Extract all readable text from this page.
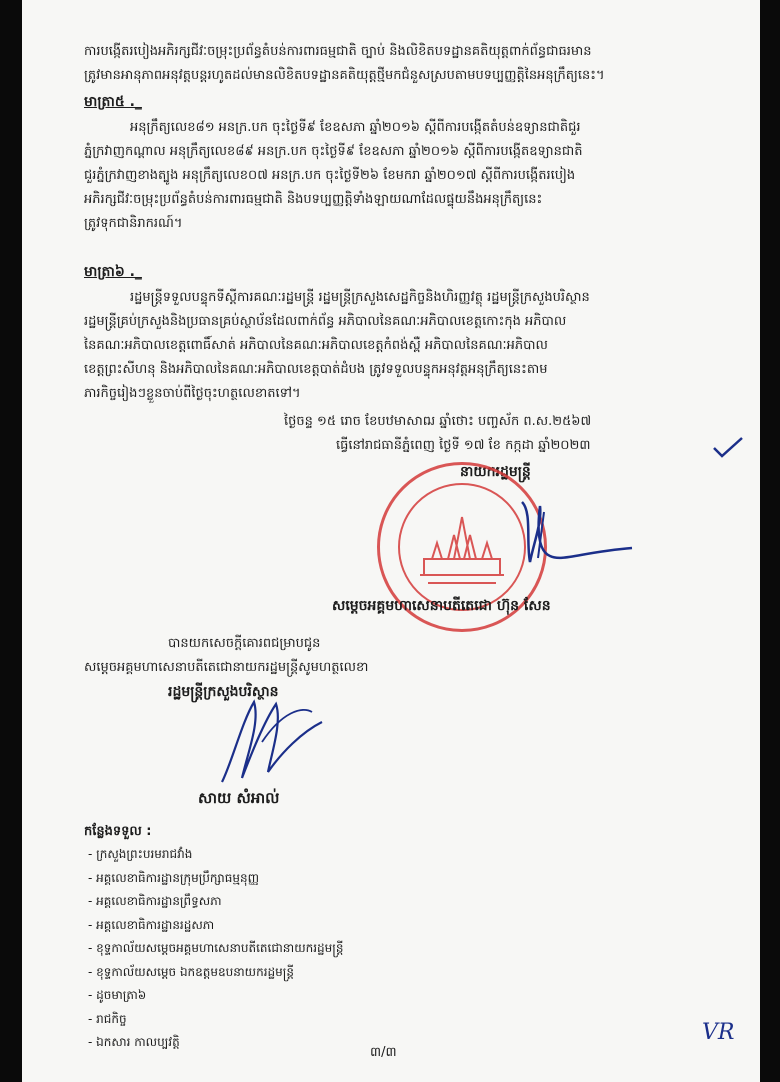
ការបង្កើតរបៀងអភិរក្សជីវៈចម្រុះប្រព័ន្ធតំបន់ការពារធម្មជាតិ ច្បាប់ និងលិខិតបទដ្ឋានគតិយុត្តពាក់ព័ន្ធជាធរមាន
ត្រូវមានអានុភាពអនុវត្តបន្តរហូតដល់មានលិខិតបទដ្ឋានគតិយុត្តថ្មីមកជំនួសស្របតាមបទប្បញ្ញត្តិនៃអនុក្រឹត្យនេះ។
មាត្រា៥ ._
អនុក្រឹត្យលេខ៨១ អនក្រ.បក ចុះថ្ងៃទី៩ ខែឧសភា ឆ្នាំ២០១៦ ស្តីពីការបង្កើតតំបន់ឧទ្យានជាតិជួរ
ភ្នំក្រវាញកណ្ដាល អនុក្រឹត្យលេខ៨៩ អនក្រ.បក ចុះថ្ងៃទី៩ ខែឧសភា ឆ្នាំ២០១៦ ស្តីពីការបង្កើតឧទ្យានជាតិ
ជួរភ្នំក្រវាញខាងត្បូង អនុក្រឹត្យលេខ០៧ អនក្រ.បក ចុះថ្ងៃទី២៦ ខែមករា ឆ្នាំ២០១៧ ស្តីពីការបង្កើតរបៀង
អភិរក្សជីវៈចម្រុះប្រព័ន្ធតំបន់ការពារធម្មជាតិ និងបទប្បញ្ញត្តិទាំងឡាយណាដែលផ្ទុយនឹងអនុក្រឹត្យនេះ
ត្រូវទុកជានិរាករណ៍។
មាត្រា៦ ._
រដ្ឋមន្ត្រីទទួលបន្ទុកទីស្តីការគណៈរដ្ឋមន្ត្រី រដ្ឋមន្ត្រីក្រសួងសេដ្ឋកិច្ចនិងហិរញ្ញវត្ថុ រដ្ឋមន្ត្រីក្រសួងបរិស្ថាន
រដ្ឋមន្ត្រីគ្រប់ក្រសួងនិងប្រធានគ្រប់ស្ថាប័នដែលពាក់ព័ន្ធ អភិបាលនៃគណៈអភិបាលខេត្តកោះកុង អភិបាល
នៃគណៈអភិបាលខេត្តពោធិ៍សាត់ អភិបាលនៃគណៈអភិបាលខេត្តកំពង់ស្ពឺ អភិបាលនៃគណៈអភិបាល
ខេត្តព្រះសីហនុ និងអភិបាលនៃគណៈអភិបាលខេត្តបាត់ដំបង ត្រូវទទួលបន្ទុកអនុវត្តអនុក្រឹត្យនេះតាម
ភារកិច្ចរៀងៗខ្លួនចាប់ពីថ្ងៃចុះហត្ថលេខាតទៅ។
ថ្ងៃចន្ទ ១៥ រោច ខែបឋមាសាឍ ឆ្នាំថោះ បញ្ចស័ក ព.ស.២៥៦៧
ធ្វើនៅរាជធានីភ្នំពេញ ថ្ងៃទី ១៧ ខែ កក្កដា ឆ្នាំ២០២៣
នាយករដ្ឋមន្ត្រី
សម្តេចអគ្គមហាសេនាបតីតេជោ ហ៊ុន សែន
បានយកសេចក្ដីគោរពជម្រាបជូន
សម្តេចអគ្គមហាសេនាបតីតេជោនាយករដ្ឋមន្ត្រីសូមហត្ថលេខា
រដ្ឋមន្ត្រីក្រសួងបរិស្ថាន
សាយ សំអាល់
កន្លែងទទួល :
- ក្រសួងព្រះបរមរាជវាំង
- អគ្គលេខាធិការដ្ឋានក្រុមប្រឹក្សាធម្មនុញ្ញ
- អគ្គលេខាធិការដ្ឋានព្រឹទ្ធសភា
- អគ្គលេខាធិការដ្ឋានរដ្ឋសភា
- ខុទ្ទកាល័យសម្តេចអគ្គមហាសេនាបតីតេជោនាយករដ្ឋមន្ត្រី
- ខុទ្ទកាល័យសម្តេច ឯកឧត្តមឧបនាយករដ្ឋមន្ត្រី
- ដូចមាត្រា៦
- រាជកិច្ច
- ឯកសារ កាលប្បវត្តិ	VR
៣/៣
